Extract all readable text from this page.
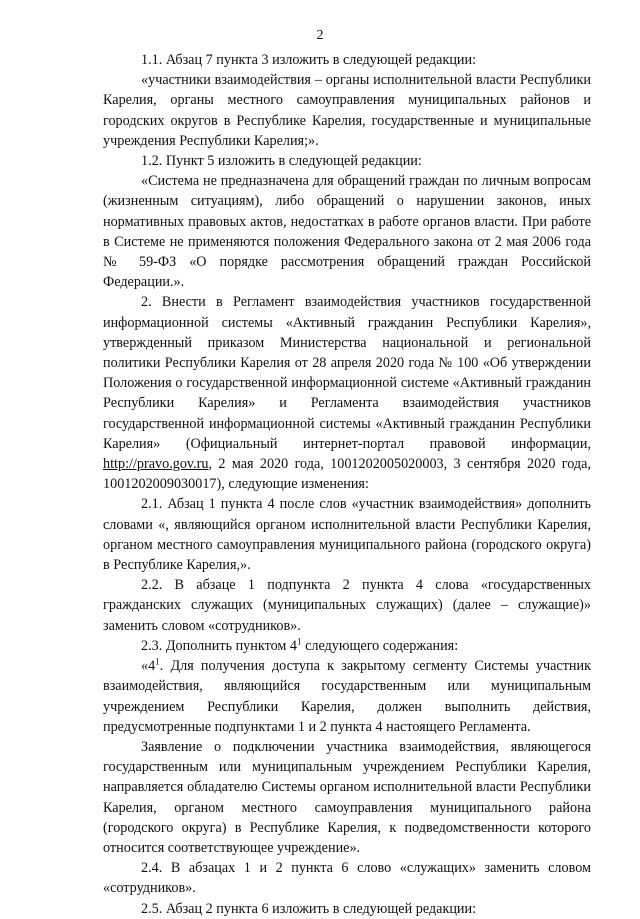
2

1.1. Абзац 7 пункта 3 изложить в следующей редакции:

«участники взаимодействия – органы исполнительной власти Республики Карелия, органы местного самоуправления муниципальных районов и городских округов в Республике Карелия, государственные и муниципальные учреждения Республики Карелия;».

1.2. Пункт 5 изложить в следующей редакции:

«Система не предназначена для обращений граждан по личным вопросам (жизненным ситуациям), либо обращений о нарушении законов, иных нормативных правовых актов, недостатках в работе органов власти. При работе в Системе не применяются положения Федерального закона от 2 мая 2006 года № 59-ФЗ «О порядке рассмотрения обращений граждан Российской Федерации.».

2. Внести в Регламент взаимодействия участников государственной информационной системы «Активный гражданин Республики Карелия», утвержденный приказом Министерства национальной и региональной политики Республики Карелия от 28 апреля 2020 года № 100 «Об утверждении Положения о государственной информационной системе «Активный гражданин Республики Карелия» и Регламента взаимодействия участников государственной информационной системы «Активный гражданин Республики Карелия» (Официальный интернет-портал правовой информации, http://pravo.gov.ru, 2 мая 2020 года, 1001202005020003, 3 сентября 2020 года, 1001202009030017), следующие изменения:

2.1. Абзац 1 пункта 4 после слов «участник взаимодействия» дополнить словами «, являющийся органом исполнительной власти Республики Карелия, органом местного самоуправления муниципального района (городского округа) в Республике Карелия,».

2.2. В абзаце 1 подпункта 2 пункта 4 слова «государственных гражданских служащих (муниципальных служащих) (далее – служащие)» заменить словом «сотрудников».

2.3. Дополнить пунктом $4^1$ следующего содержания:

«$4^1$. Для получения доступа к закрытому сегменту Системы участник взаимодействия, являющийся государственным или муниципальным учреждением Республики Карелия, должен выполнить действия, предусмотренные подпунктами 1 и 2 пункта 4 настоящего Регламента.

Заявление о подключении участника взаимодействия, являющегося государственным или муниципальным учреждением Республики Карелия, направляется обладателю Системы органом исполнительной власти Республики Карелия, органом местного самоуправления муниципального района (городского округа) в Республике Карелия, к подведомственности которого относится соответствующее учреждение».

2.4. В абзацах 1 и 2 пункта 6 слово «служащих» заменить словом «сотрудников».

2.5. Абзац 2 пункта 6 изложить в следующей редакции:
